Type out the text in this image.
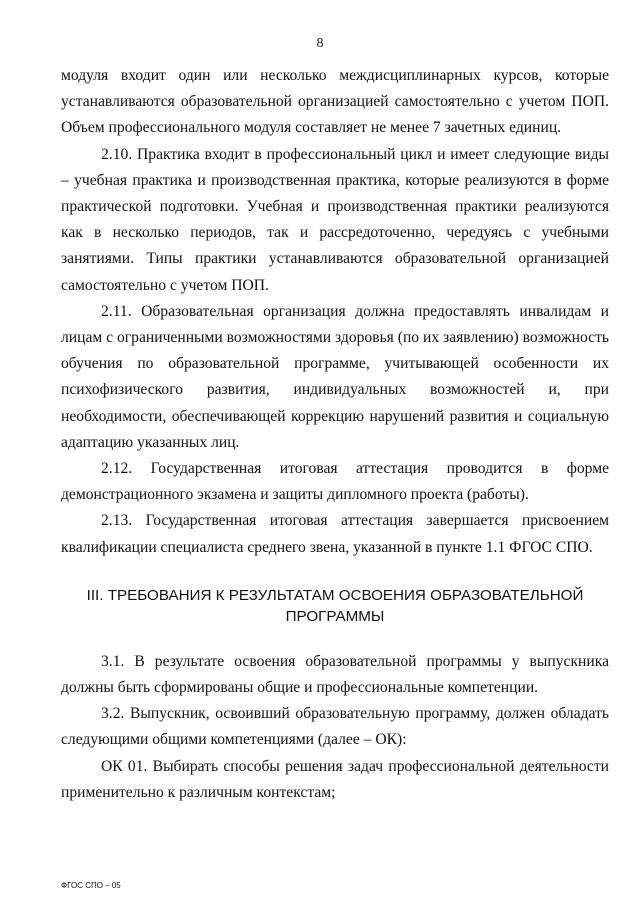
8

модуля входит один или несколько междисциплинарных курсов, которые устанавливаются образовательной организацией самостоятельно с учетом ПОП. Объем профессионального модуля составляет не менее 7 зачетных единиц.

2.10. Практика входит в профессиональный цикл и имеет следующие виды – учебная практика и производственная практика, которые реализуются в форме практической подготовки. Учебная и производственная практики реализуются как в несколько периодов, так и рассредоточенно, чередуясь с учебными занятиями. Типы практики устанавливаются образовательной организацией самостоятельно с учетом ПОП.

2.11. Образовательная организация должна предоставлять инвалидам и лицам с ограниченными возможностями здоровья (по их заявлению) возможность обучения по образовательной программе, учитывающей особенности их психофизического развития, индивидуальных возможностей и, при необходимости, обеспечивающей коррекцию нарушений развития и социальную адаптацию указанных лиц.

2.12. Государственная итоговая аттестация проводится в форме демонстрационного экзамена и защиты дипломного проекта (работы).

2.13. Государственная итоговая аттестация завершается присвоением квалификации специалиста среднего звена, указанной в пункте 1.1 ФГОС СПО.

III. ТРЕБОВАНИЯ К РЕЗУЛЬТАТАМ ОСВОЕНИЯ ОБРАЗОВАТЕЛЬНОЙ ПРОГРАММЫ

3.1. В результате освоения образовательной программы у выпускника должны быть сформированы общие и профессиональные компетенции.

3.2. Выпускник, освоивший образовательную программу, должен обладать следующими общими компетенциями (далее – ОК):

ОК 01. Выбирать способы решения задач профессиональной деятельности применительно к различным контекстам;

ФГОС СПО – 05
